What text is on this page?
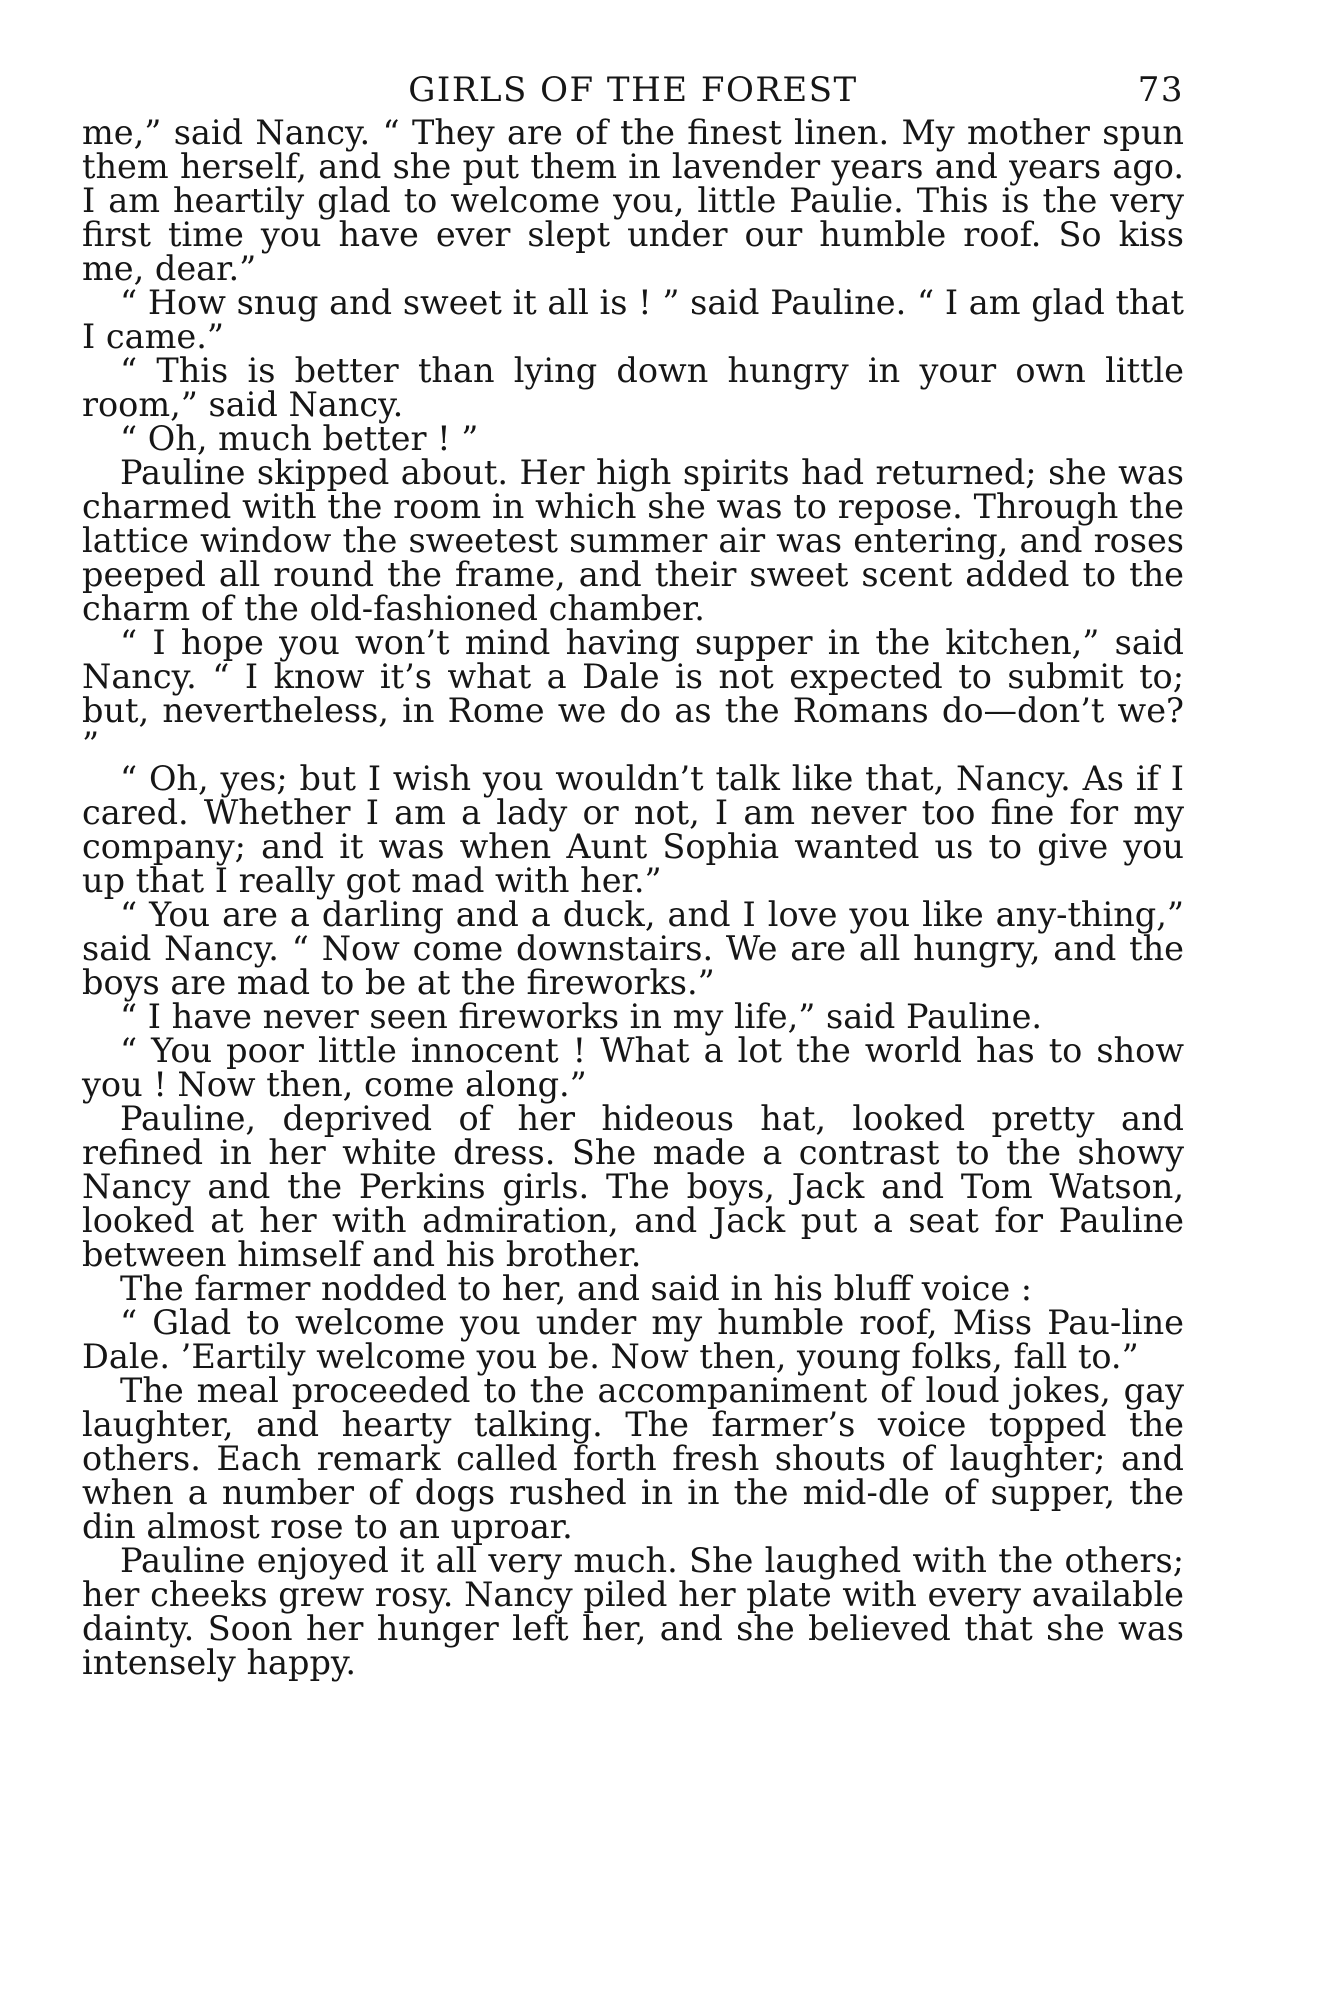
GIRLS OF THE FOREST	73

me,” said Nancy. “ They are of the finest linen. My mother spun them herself, and she put them in lavender years and years ago. I am heartily glad to welcome you, little Paulie. This is the very first time you have ever slept under our humble roof. So kiss me, dear.”

“ How snug and sweet it all is ! ” said Pauline. “ I am glad that I came.”

“ This is better than lying down hungry in your own little room,” said Nancy.

“ Oh, much better ! ”

Pauline skipped about. Her high spirits had returned; she was charmed with the room in which she was to repose. Through the lattice window the sweetest summer air was entering, and roses peeped all round the frame, and their sweet scent added to the charm of the old-fashioned chamber.

“ I hope you won’t mind having supper in the kitchen,” said Nancy. “ I know it’s what a Dale is not expected to submit to; but, nevertheless, in Rome we do as the Romans do—don’t we? ”

“ Oh, yes; but I wish you wouldn’t talk like that, Nancy. As if I cared. Whether I am a lady or not, I am never too fine for my company; and it was when Aunt Sophia wanted us to give you up that I really got mad with her.”

“ You are a darling and a duck, and I love you like any-thing,” said Nancy. “ Now come downstairs. We are all hungry, and the boys are mad to be at the fireworks.”

“ I have never seen fireworks in my life,” said Pauline.

“ You poor little innocent ! What a lot the world has to show you ! Now then, come along.”

Pauline, deprived of her hideous hat, looked pretty and refined in her white dress. She made a contrast to the showy Nancy and the Perkins girls. The boys, Jack and Tom Watson, looked at her with admiration, and Jack put a seat for Pauline between himself and his brother.

The farmer nodded to her, and said in his bluff voice :

“ Glad to welcome you under my humble roof, Miss Pau-line Dale. ’Eartily welcome you be. Now then, young folks, fall to.”

The meal proceeded to the accompaniment of loud jokes, gay laughter, and hearty talking. The farmer’s voice topped the others. Each remark called forth fresh shouts of laughter; and when a number of dogs rushed in in the mid-dle of supper, the din almost rose to an uproar.

Pauline enjoyed it all very much. She laughed with the others; her cheeks grew rosy. Nancy piled her plate with every available dainty. Soon her hunger left her, and she believed that she was intensely happy.
